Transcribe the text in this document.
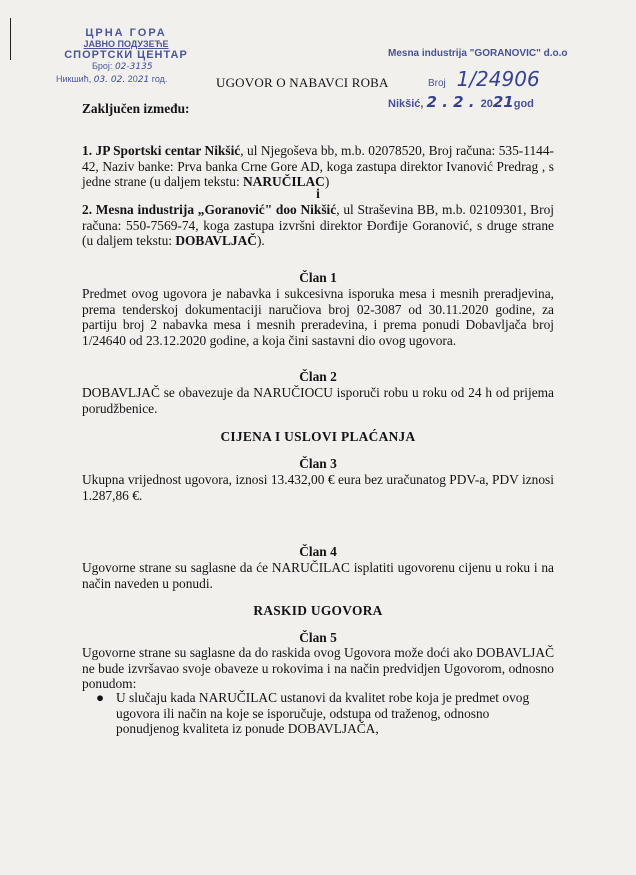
ЦРНА ГОРА
ЈАВНО ПОДУЗЕЋЕ
СПОРТСКИ ЦЕНТАР
Број: 02-3135
Никшић, 03. 02. 2021 год.
Mesna industrija "GORANOVIC" d.o.o
Broj 1/24906
Nikšić, 2 . 2 . 2021god
UGOVOR O NABAVCI ROBA
Zaključen između:
1. JP Sportski centar Nikšić, ul Njegoševa bb, m.b. 02078520, Broj računa: 535-1144-42, Naziv banke: Prva banka Crne Gore AD, koga zastupa direktor Ivanović Predrag , s jedne strane (u daljem tekstu: NARUČILAC)
i
2. Mesna industrija „Goranović" doo Nikšić, ul Straševina BB, m.b. 02109301, Broj računa: 550-7569-74, koga zastupa izvršni direktor Đorđije Goranović, s druge strane (u daljem tekstu: DOBAVLJAČ).
Član 1
Predmet ovog ugovora je nabavka i sukcesivna isporuka mesa i mesnih preradjevina, prema tenderskoj dokumentaciji naručiova broj 02-3087 od 30.11.2020 godine, za partiju broj 2 nabavka mesa i mesnih preradevina, i prema ponudi Dobavljača broj 1/24640 od 23.12.2020 godine, a koja čini sastavni dio ovog ugovora.
Član 2
DOBAVLJAČ se obavezuje da NARUČIOCU isporuči robu u roku od 24 h od prijema porudžbenice.
CIJENA I USLOVI PLAĆANJA
Član 3
Ukupna vrijednost ugovora, iznosi 13.432,00 € eura bez uračunatog PDV-a, PDV iznosi 1.287,86 €.
Član 4
Ugovorne strane su saglasne da će NARUČILAC isplatiti ugovorenu cijenu u roku i na način naveden u ponudi.
RASKID UGOVORA
Član 5
Ugovorne strane su saglasne da do raskida ovog Ugovora može doći ako DOBAVLJAČ ne bude izvršavao svoje obaveze u rokovima i na način predvidjen Ugovorom, odnosno ponudom:
● U slučaju kada NARUČILAC ustanovi da kvalitet robe koja je predmet ovog ugovora ili način na koje se isporučuje, odstupa od traženog, odnosno ponudjenog kvaliteta iz ponude DOBAVLJAČA,
